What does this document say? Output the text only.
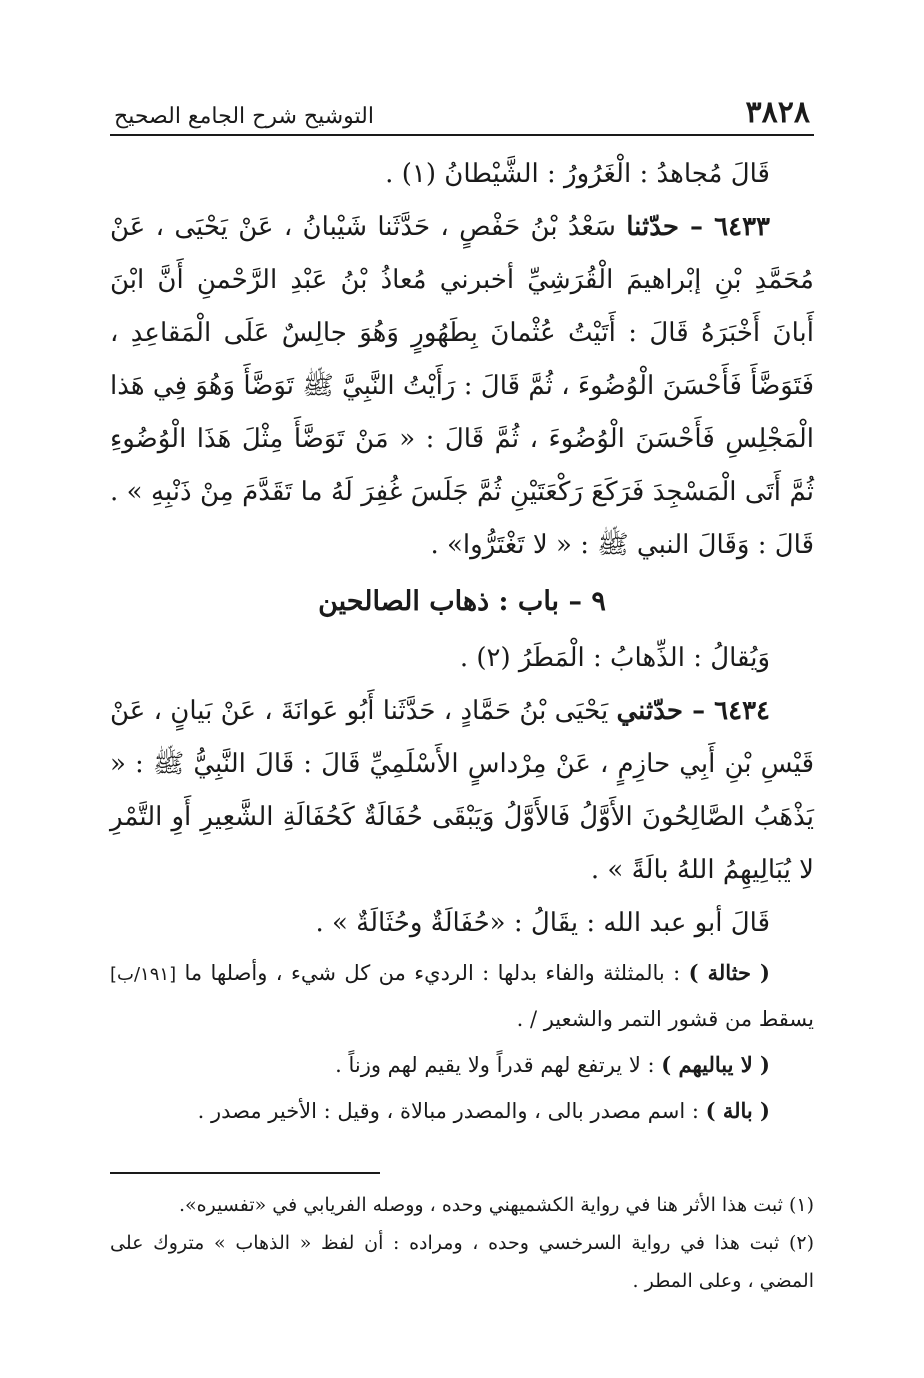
٣٨٢٨
التوشيح شرح الجامع الصحيح

قَالَ مُجاهدُ : الْغَرُورُ : الشَّيْطانُ (١) .

٦٤٣٣ – حدّثنا سَعْدُ بْنُ حَفْصٍ ، حَدَّثَنا شَيْبانُ ، عَنْ يَحْيَى ، عَنْ مُحَمَّدِ بْنِ إبْراهيمَ الْقُرَشِيِّ أخبرني مُعاذُ بْنُ عَبْدِ الرَّحْمنِ أَنَّ ابْنَ أَبانَ أَخْبَرَهُ قَالَ : أَتَيْتُ عُثْمانَ بِطَهُورٍ وَهُوَ جالِسٌ عَلَى الْمَقاعِدِ ، فَتَوَضَّأَ فَأَحْسَنَ الْوُضُوءَ ، ثُمَّ قَالَ : رَأَيْتُ النَّبِيَّ ﷺ تَوَضَّأَ وَهُوَ فِي هَذا الْمَجْلِسِ فَأَحْسَنَ الْوُضُوءَ ، ثُمَّ قَالَ : « مَنْ تَوَضَّأَ مِثْلَ هَذَا الْوُضُوءِ ثُمَّ أَتَى الْمَسْجِدَ فَرَكَعَ رَكْعَتَيْنِ ثُمَّ جَلَسَ غُفِرَ لَهُ ما تَقَدَّمَ مِنْ ذَنْبِهِ » . قَالَ : وَقَالَ النبي ﷺ : « لا تَغْتَرُّوا» .

٩ – باب : ذهاب الصالحين

وَيُقالُ : الذِّهابُ : الْمَطَرُ (٢) .

٦٤٣٤ – حدّثني يَحْيَى بْنُ حَمَّادٍ ، حَدَّثَنا أَبُو عَوانَةَ ، عَنْ بَيانٍ ، عَنْ قَيْسِ بْنِ أَبِي حازِمٍ ، عَنْ مِرْداسٍ الأَسْلَمِيِّ قَالَ : قَالَ النَّبِيُّ ﷺ : « يَذْهَبُ الصَّالِحُونَ الأَوَّلُ فَالأَوَّلُ وَيَبْقَى حُفَالَةٌ كَحُفَالَةِ الشَّعِيرِ أَوِ التَّمْرِ لا يُبَالِيهِمُ اللهُ بالَةً » .

قَالَ أبو عبد الله : يقَالُ : «حُفَالَةٌ وحُثَالَةٌ » .

( حثالة ) : بالمثلثة والفاء بدلها : الرديء من كل شيء ، وأصلها ما [١٩١/ب] يسقط من قشور التمر والشعير / .

( لا يباليهم ) : لا يرتفع لهم قدراً ولا يقيم لهم وزناً .

( بالة ) : اسم مصدر بالى ، والمصدر مبالاة ، وقيل : الأخير مصدر .

(١) ثبت هذا الأثر هنا في رواية الكشميهني وحده ، ووصله الفريابي في «تفسيره».

(٢) ثبت هذا في رواية السرخسي وحده ، ومراده : أن لفظ « الذهاب » متروك على المضي ، وعلى المطر .
